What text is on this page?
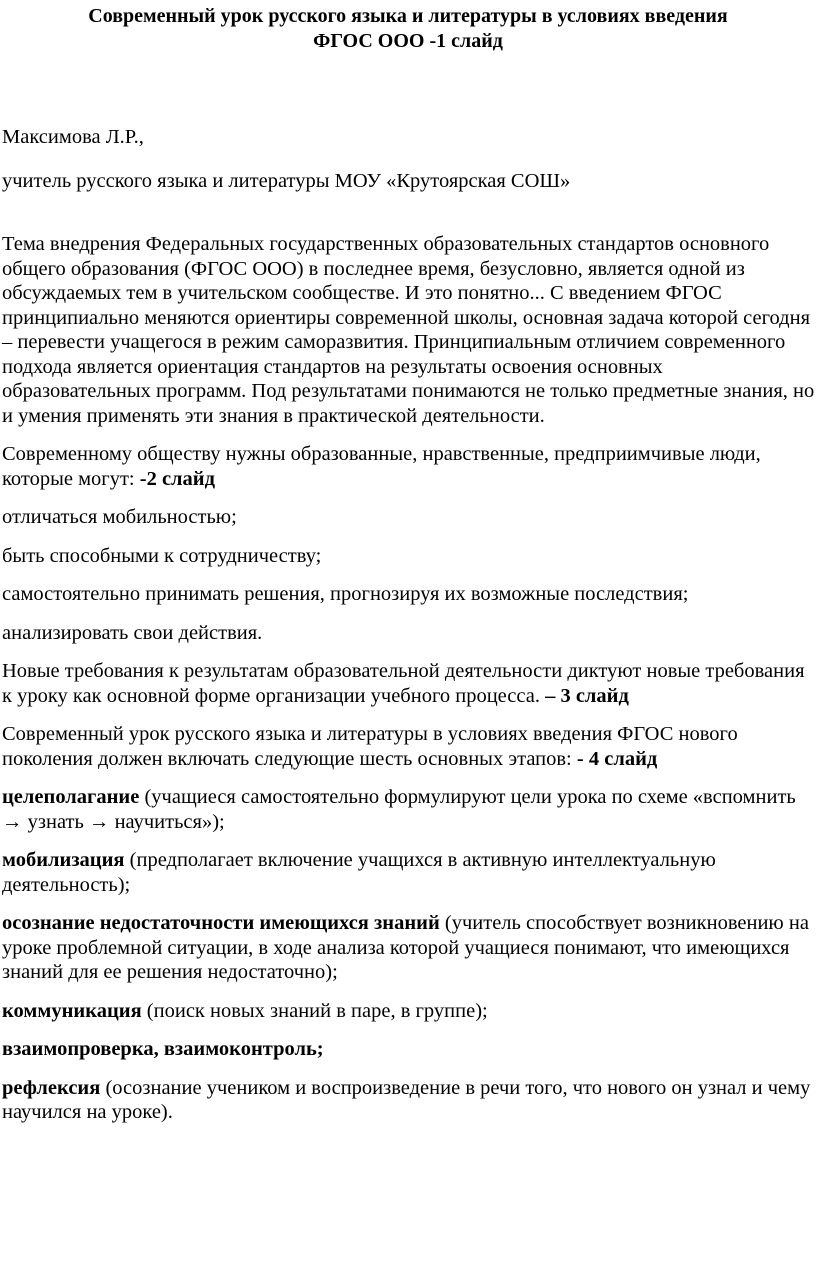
Современный урок русского языка и литературы в условиях введения
ФГОС ООО -1 слайд

Максимова Л.Р.,

учитель русского языка и литературы МОУ «Крутоярская СОШ»

Тема внедрения Федеральных государственных образовательных стандартов основного общего образования (ФГОС ООО) в последнее время, безусловно, является одной из обсуждаемых тем в учительском сообществе. И это понятно... С введением ФГОС принципиально меняются ориентиры современной школы, основная задача которой сегодня – перевести учащегося в режим саморазвития. Принципиальным отличием современного подхода является ориентация стандартов на результаты освоения основных образовательных программ. Под результатами понимаются не только предметные знания, но и умения применять эти знания в практической деятельности.

Современному обществу нужны образованные, нравственные, предприимчивые люди, которые могут: -2 слайд

отличаться мобильностью;

быть способными к сотрудничеству;

самостоятельно принимать решения, прогнозируя их возможные последствия;

анализировать свои действия.

Новые требования к результатам образовательной деятельности диктуют новые требования к уроку как основной форме организации учебного процесса. – 3 слайд

Современный урок русского языка и литературы в условиях введения ФГОС нового поколения должен включать следующие шесть основных этапов: - 4 слайд

целеполагание (учащиеся самостоятельно формулируют цели урока по схеме «вспомнить → узнать → научиться»);

мобилизация (предполагает включение учащихся в активную интеллектуальную деятельность);

осознание недостаточности имеющихся знаний (учитель способствует возникновению на уроке проблемной ситуации, в ходе анализа которой учащиеся понимают, что имеющихся знаний для ее решения недостаточно);

коммуникация (поиск новых знаний в паре, в группе);

взаимопроверка, взаимоконтроль;

рефлексия (осознание учеником и воспроизведение в речи того, что нового он узнал и чему научился на уроке).
